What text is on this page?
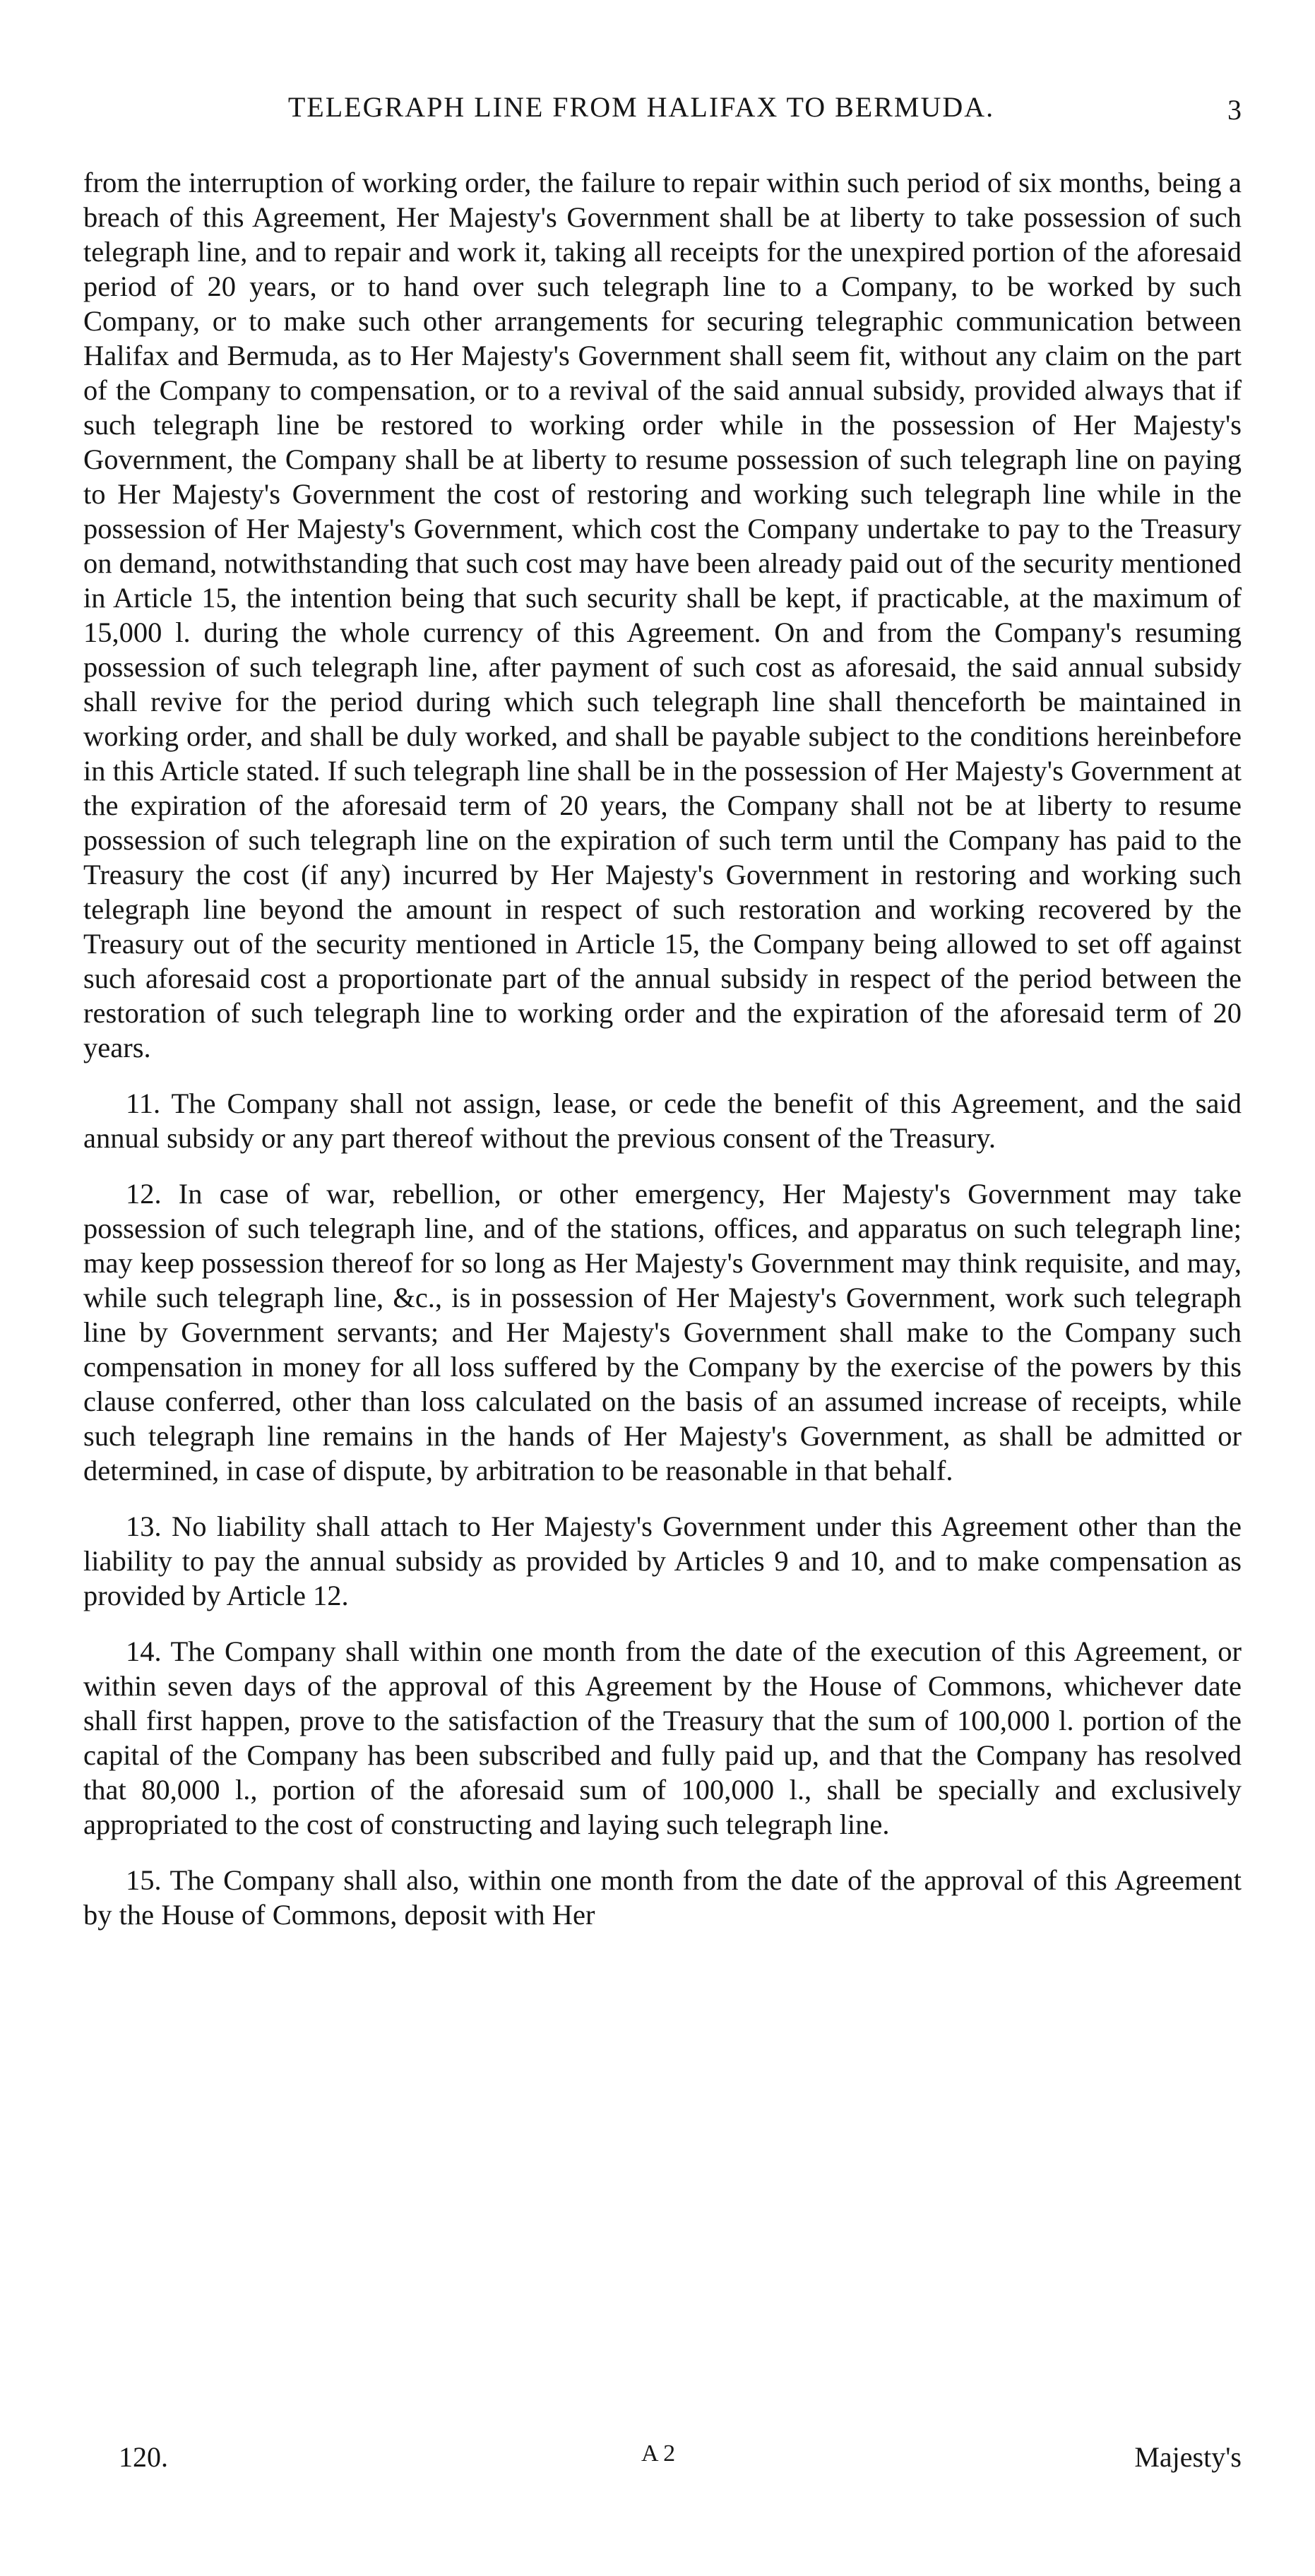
TELEGRAPH LINE FROM HALIFAX TO BERMUDA.	3

from the interruption of working order, the failure to repair within such period of six months, being a breach of this Agreement, Her Majesty's Government shall be at liberty to take possession of such telegraph line, and to repair and work it, taking all receipts for the unexpired portion of the aforesaid period of 20 years, or to hand over such telegraph line to a Company, to be worked by such Company, or to make such other arrangements for securing telegraphic communication between Halifax and Bermuda, as to Her Majesty's Government shall seem fit, without any claim on the part of the Company to compensation, or to a revival of the said annual subsidy, provided always that if such telegraph line be restored to working order while in the possession of Her Majesty's Government, the Company shall be at liberty to resume possession of such telegraph line on paying to Her Majesty's Government the cost of restoring and working such telegraph line while in the possession of Her Majesty's Government, which cost the Company undertake to pay to the Treasury on demand, notwithstanding that such cost may have been already paid out of the security mentioned in Article 15, the intention being that such security shall be kept, if practicable, at the maximum of 15,000 l. during the whole currency of this Agreement. On and from the Company's resuming possession of such telegraph line, after payment of such cost as aforesaid, the said annual subsidy shall revive for the period during which such telegraph line shall thenceforth be maintained in working order, and shall be duly worked, and shall be payable subject to the conditions hereinbefore in this Article stated. If such telegraph line shall be in the possession of Her Majesty's Government at the expiration of the aforesaid term of 20 years, the Company shall not be at liberty to resume possession of such telegraph line on the expiration of such term until the Company has paid to the Treasury the cost (if any) incurred by Her Majesty's Government in restoring and working such telegraph line beyond the amount in respect of such restoration and working recovered by the Treasury out of the security mentioned in Article 15, the Company being allowed to set off against such aforesaid cost a proportionate part of the annual subsidy in respect of the period between the restoration of such telegraph line to working order and the expiration of the aforesaid term of 20 years.

11. The Company shall not assign, lease, or cede the benefit of this Agreement, and the said annual subsidy or any part thereof without the previous consent of the Treasury.

12. In case of war, rebellion, or other emergency, Her Majesty's Government may take possession of such telegraph line, and of the stations, offices, and apparatus on such telegraph line; may keep possession thereof for so long as Her Majesty's Government may think requisite, and may, while such telegraph line, &c., is in possession of Her Majesty's Government, work such telegraph line by Government servants; and Her Majesty's Government shall make to the Company such compensation in money for all loss suffered by the Company by the exercise of the powers by this clause conferred, other than loss calculated on the basis of an assumed increase of receipts, while such telegraph line remains in the hands of Her Majesty's Government, as shall be admitted or determined, in case of dispute, by arbitration to be reasonable in that behalf.

13. No liability shall attach to Her Majesty's Government under this Agreement other than the liability to pay the annual subsidy as provided by Articles 9 and 10, and to make compensation as provided by Article 12.

14. The Company shall within one month from the date of the execution of this Agreement, or within seven days of the approval of this Agreement by the House of Commons, whichever date shall first happen, prove to the satisfaction of the Treasury that the sum of 100,000 l. portion of the capital of the Company has been subscribed and fully paid up, and that the Company has resolved that 80,000 l., portion of the aforesaid sum of 100,000 l., shall be specially and exclusively appropriated to the cost of constructing and laying such telegraph line.

15. The Company shall also, within one month from the date of the approval of this Agreement by the House of Commons, deposit with Her

120.	A 2	Majesty's
